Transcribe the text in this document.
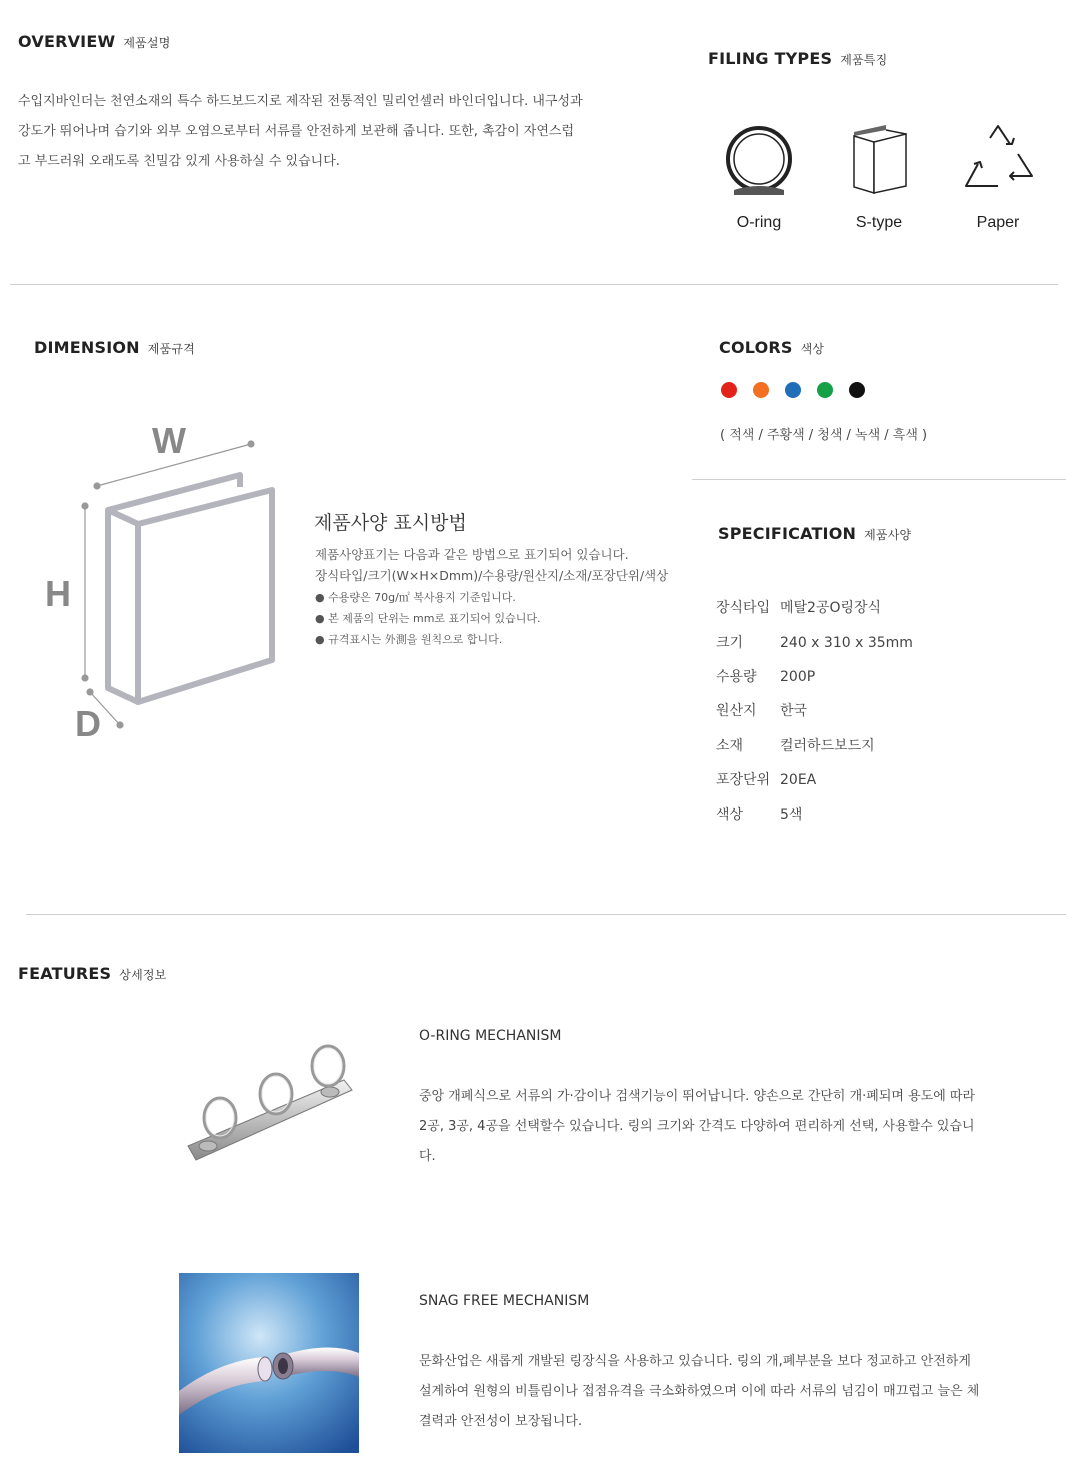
OVERVIEW 제품설명
수입지바인더는 천연소재의 특수 하드보드지로 제작된 전통적인 밀리언셀러 바인더입니다. 내구성과
강도가 뛰어나며 습기와 외부 오염으로부터 서류를 안전하게 보관해 줍니다. 또한, 촉감이 자연스럽
고 부드러워 오래도록 친밀감 있게 사용하실 수 있습니다.
FILING TYPES 제품특징
O-ring	S-type	Paper
DIMENSION 제품규격
W
H
D
제품사양 표시방법
제품사양표기는 다음과 같은 방법으로 표기되어 있습니다.
장식타입/크기(W×H×Dmm)/수용량/원산지/소재/포장단위/색상
● 수용량은 70g/㎡ 복사용지 기준입니다.
● 본 제품의 단위는 mm로 표기되어 있습니다.
● 규격표시는 外測을 원칙으로 합니다.
COLORS 색상
( 적색 / 주황색 / 청색 / 녹색 / 흑색 )
SPECIFICATION 제품사양
장식타입 메탈2공O링장식
크기	240 x 310 x 35mm
수용량 200P
원산지 한국
소재	컬러하드보드지
포장단위 20EA
색상	5색
FEATURES 상세정보
O-RING MECHANISM
중앙 개폐식으로 서류의 가·감이나 검색기능이 뛰어납니다. 양손으로 간단히 개·폐되며 용도에 따라
2공, 3공, 4공을 선택할수 있습니다. 링의 크기와 간격도 다양하여 편리하게 선택, 사용할수 있습니
다.
SNAG FREE MECHANISM
문화산업은 새롭게 개발된 링장식을 사용하고 있습니다. 링의 개,폐부분을 보다 정교하고 안전하게
설계하여 원형의 비틀림이나 접점유격을 극소화하였으며 이에 따라 서류의 넘김이 매끄럽고 늘은 체
결력과 안전성이 보장됩니다.
